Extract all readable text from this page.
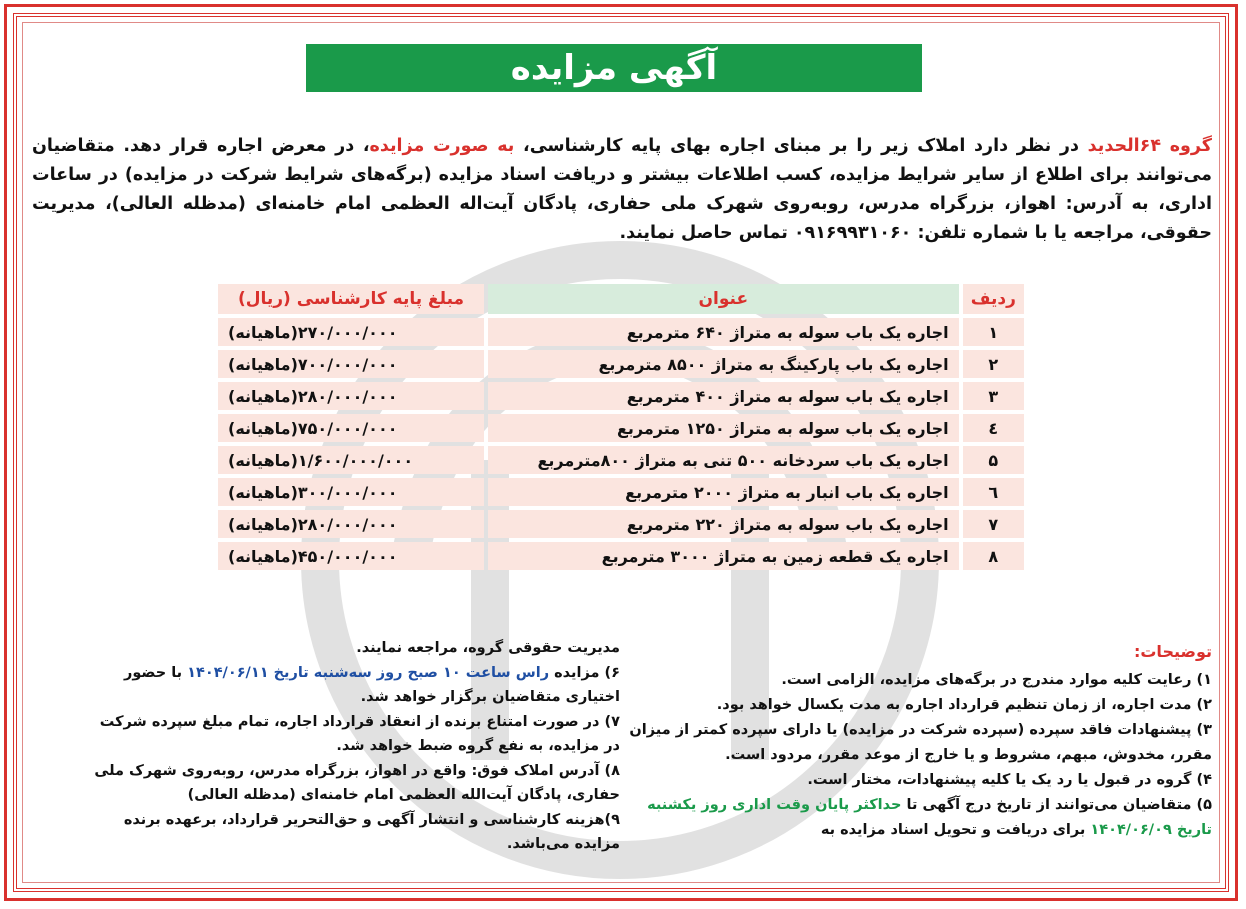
آگهی مزایده
گروه ۶۴الحدید در نظر دارد املاک زیر را بر مبنای اجاره بهای پایه کارشناسی، به صورت مزایده، در معرض اجاره قرار دهد. متقاضیان می‌توانند برای اطلاع از سایر شرایط مزایده، کسب اطلاعات بیشتر و دریافت اسناد مزایده (برگه‌های شرایط شرکت در مزایده) در ساعات اداری، به آدرس: اهواز، بزرگراه مدرس، روبه‌روی شهرک ملی حفاری، پادگان آیت‌اله العظمی امام خامنه‌ای (مدظله العالی)، مدیریت حقوقی، مراجعه یا با شماره تلفن: ۰۹۱۶۹۹۳۱۰۶۰ تماس حاصل نمایند.
ردیف	عنوان	مبلغ پایه کارشناسی (ریال)
۱	اجاره یک باب سوله به متراژ ۶۴۰ مترمربع	۲۷۰/۰۰۰/۰۰۰(ماهیانه)
۲	اجاره یک باب پارکینگ به متراژ ۸۵۰۰ مترمربع	۷۰۰/۰۰۰/۰۰۰(ماهیانه)
۳	اجاره یک باب سوله به متراژ ۴۰۰ مترمربع	۲۸۰/۰۰۰/۰۰۰(ماهیانه)
٤	اجاره یک باب سوله به متراژ ۱۲۵۰ مترمربع	۷۵۰/۰۰۰/۰۰۰(ماهیانه)
۵	اجاره یک باب سردخانه ۵۰۰ تنی به متراژ ۸۰۰مترمربع	۱/۶۰۰/۰۰۰/۰۰۰(ماهیانه)
٦	اجاره یک باب انبار به متراژ ۲۰۰۰ مترمربع	۳۰۰/۰۰۰/۰۰۰(ماهیانه)
۷	اجاره یک باب سوله به متراژ ۲۲۰ مترمربع	۲۸۰/۰۰۰/۰۰۰(ماهیانه)
۸	اجاره یک قطعه زمین به متراژ ۳۰۰۰ مترمربع	۴۵۰/۰۰۰/۰۰۰(ماهیانه)
توضیحات:

۱) رعایت کلیه موارد مندرج در برگه‌های مزایده، الزامی است.

۲) مدت اجاره، از زمان تنظیم قرارداد اجاره به مدت یکسال خواهد بود.

۳) پیشنهادات فاقد سپرده (سپرده شرکت در مزایده) یا دارای سپرده کمتر از میزان مقرر، مخدوش، مبهم، مشروط و یا خارج از موعد مقرر، مردود است.

۴) گروه در قبول یا رد یک یا کلیه پیشنهادات، مختار است.

۵) متقاضیان می‌توانند از تاریخ درج آگهی تا حداکثر پایان وقت اداری روز یکشنبه تاریخ ۱۴۰۴/۰۶/۰۹ برای دریافت و تحویل اسناد مزایده به

مدیریت حقوقی گروه، مراجعه نمایند.

۶) مزایده راس ساعت ۱۰ صبح روز سه‌شنبه تاریخ ۱۴۰۴/۰۶/۱۱ با حضور اختیاری متقاضیان برگزار خواهد شد.

۷) در صورت امتناع برنده از انعقاد قرارداد اجاره، تمام مبلغ سپرده شرکت در مزایده، به نفع گروه ضبط خواهد شد.

۸) آدرس املاک فوق: واقع در اهواز، بزرگراه مدرس، روبه‌روی شهرک ملی حفاری، پادگان آیت‌الله العظمی امام خامنه‌ای (مدظله العالی)

۹)هزینه کارشناسی و انتشار آگهی و حق‌التحریر قرارداد، برعهده برنده مزایده می‌باشد.
